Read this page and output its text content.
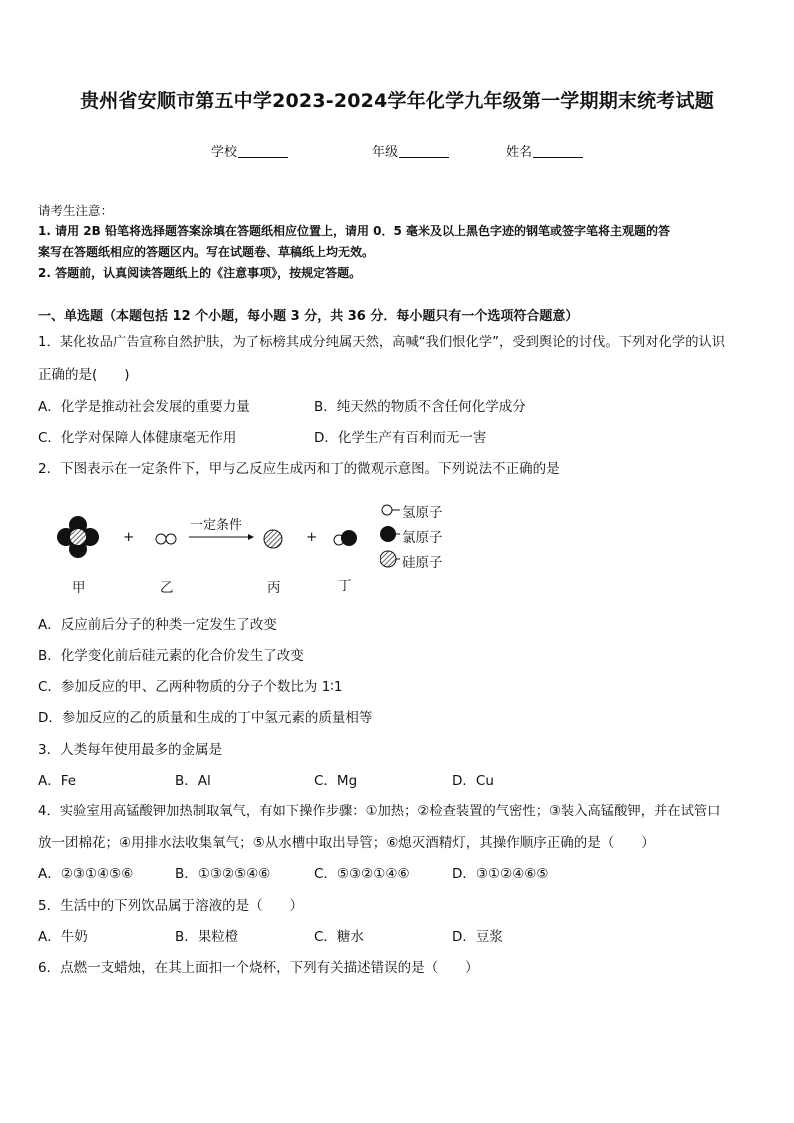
贵州省安顺市第五中学2023-2024学年化学九年级第一学期期末统考试题
学校	年级	姓名
请考生注意：
1. 请用 2B 铅笔将选择题答案涂填在答题纸相应位置上，请用 0．5 毫米及以上黑色字迹的钢笔或签字笔将主观题的答
案写在答题纸相应的答题区内。写在试题卷、草稿纸上均无效。
2. 答题前，认真阅读答题纸上的《注意事项》，按规定答题。
一、单选题（本题包括 12 个小题，每小题 3 分，共 36 分．每小题只有一个选项符合题意）
1．某化妆品广告宣称自然护肤，为了标榜其成分纯属天然，高喊“我们恨化学”，受到舆论的讨伐。下列对化学的认识
正确的是(　　)
A．化学是推动社会发展的重要力量	B．纯天然的物质不含任何化学成分
C．化学对保障人体健康毫无作用	D．化学生产有百利而无一害
2．下图表示在一定条件下，甲与乙反应生成丙和丁的微观示意图。下列说法不正确的是
一定条件
+	+
甲	乙	丙	丁
氢原子
氯原子
硅原子
A．反应前后分子的种类一定发生了改变
B．化学变化前后硅元素的化合价发生了改变
C．参加反应的甲、乙两种物质的分子个数比为 1∶1
D．参加反应的乙的质量和生成的丁中氢元素的质量相等
3．人类每年使用最多的金属是
A．Fe	B．Al	C．Mg	D．Cu
4．实验室用高锰酸钾加热制取氧气，有如下操作步骤：①加热；②检查装置的气密性；③装入高锰酸钾，并在试管口
放一团棉花；④用排水法收集氧气；⑤从水槽中取出导管；⑥熄灭酒精灯，其操作顺序正确的是（　　）
A．②③①④⑤⑥	B．①③②⑤④⑥	C．⑤③②①④⑥	D．③①②④⑥⑤
5．生活中的下列饮品属于溶液的是（　　）
A．牛奶	B．果粒橙	C．糖水	D．豆浆
6．点燃一支蜡烛，在其上面扣一个烧杯，下列有关描述错误的是（　　）
